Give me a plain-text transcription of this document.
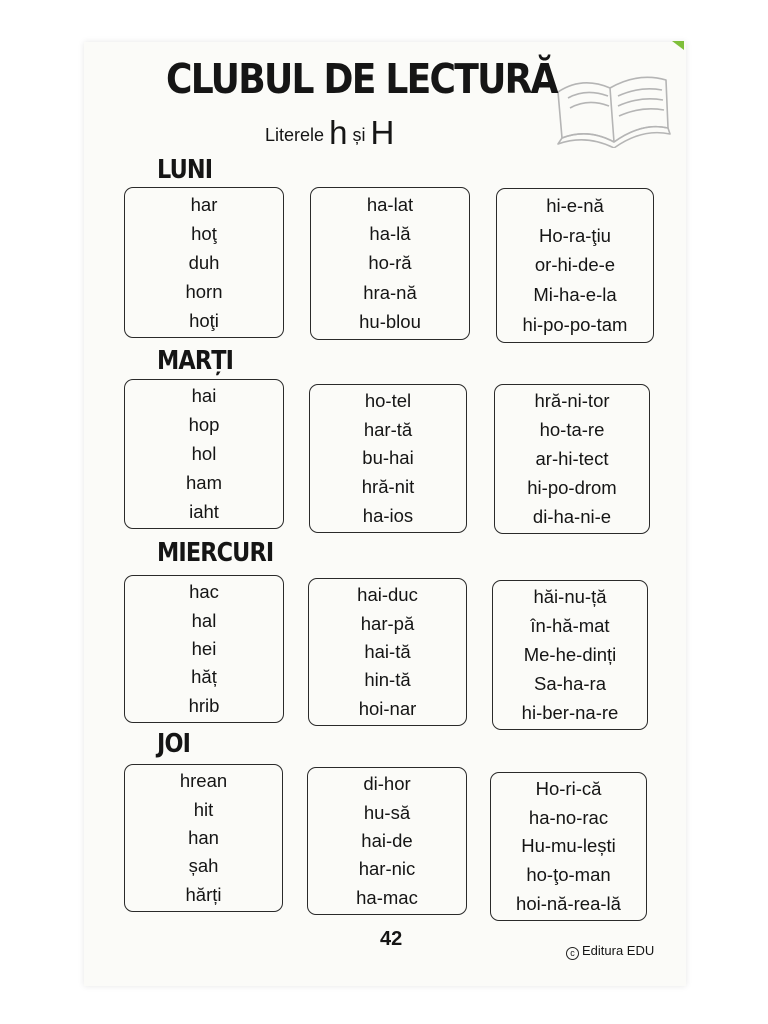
CLUBUL DE LECTURĂ
Literele h și H
LUNI
har
hoţ
duh
horn
hoţi
ha-lat
ha-lă
ho-ră
hra-nă
hu-blou
hi-e-nă
Ho-ra-ţiu
or-hi-de-e
Mi-ha-e-la
hi-po-po-tam
MARȚI
hai
hop
hol
ham
iaht
ho-tel
har-tă
bu-hai
hră-nit
ha-ios
hră-ni-tor
ho-ta-re
ar-hi-tect
hi-po-drom
di-ha-ni-e
MIERCURI
hac
hal
hei
hăț
hrib
hai-duc
har-pă
hai-tă
hin-tă
hoi-nar
hăi-nu-ță
în-hă-mat
Me-he-dinți
Sa-ha-ra
hi-ber-na-re
JOI
hrean
hit
han
șah
hărți
di-hor
hu-să
hai-de
har-nic
ha-mac
Ho-ri-că
ha-no-rac
Hu-mu-lești
ho-ţo-man
hoi-nă-rea-lă
42
c Editura EDU
